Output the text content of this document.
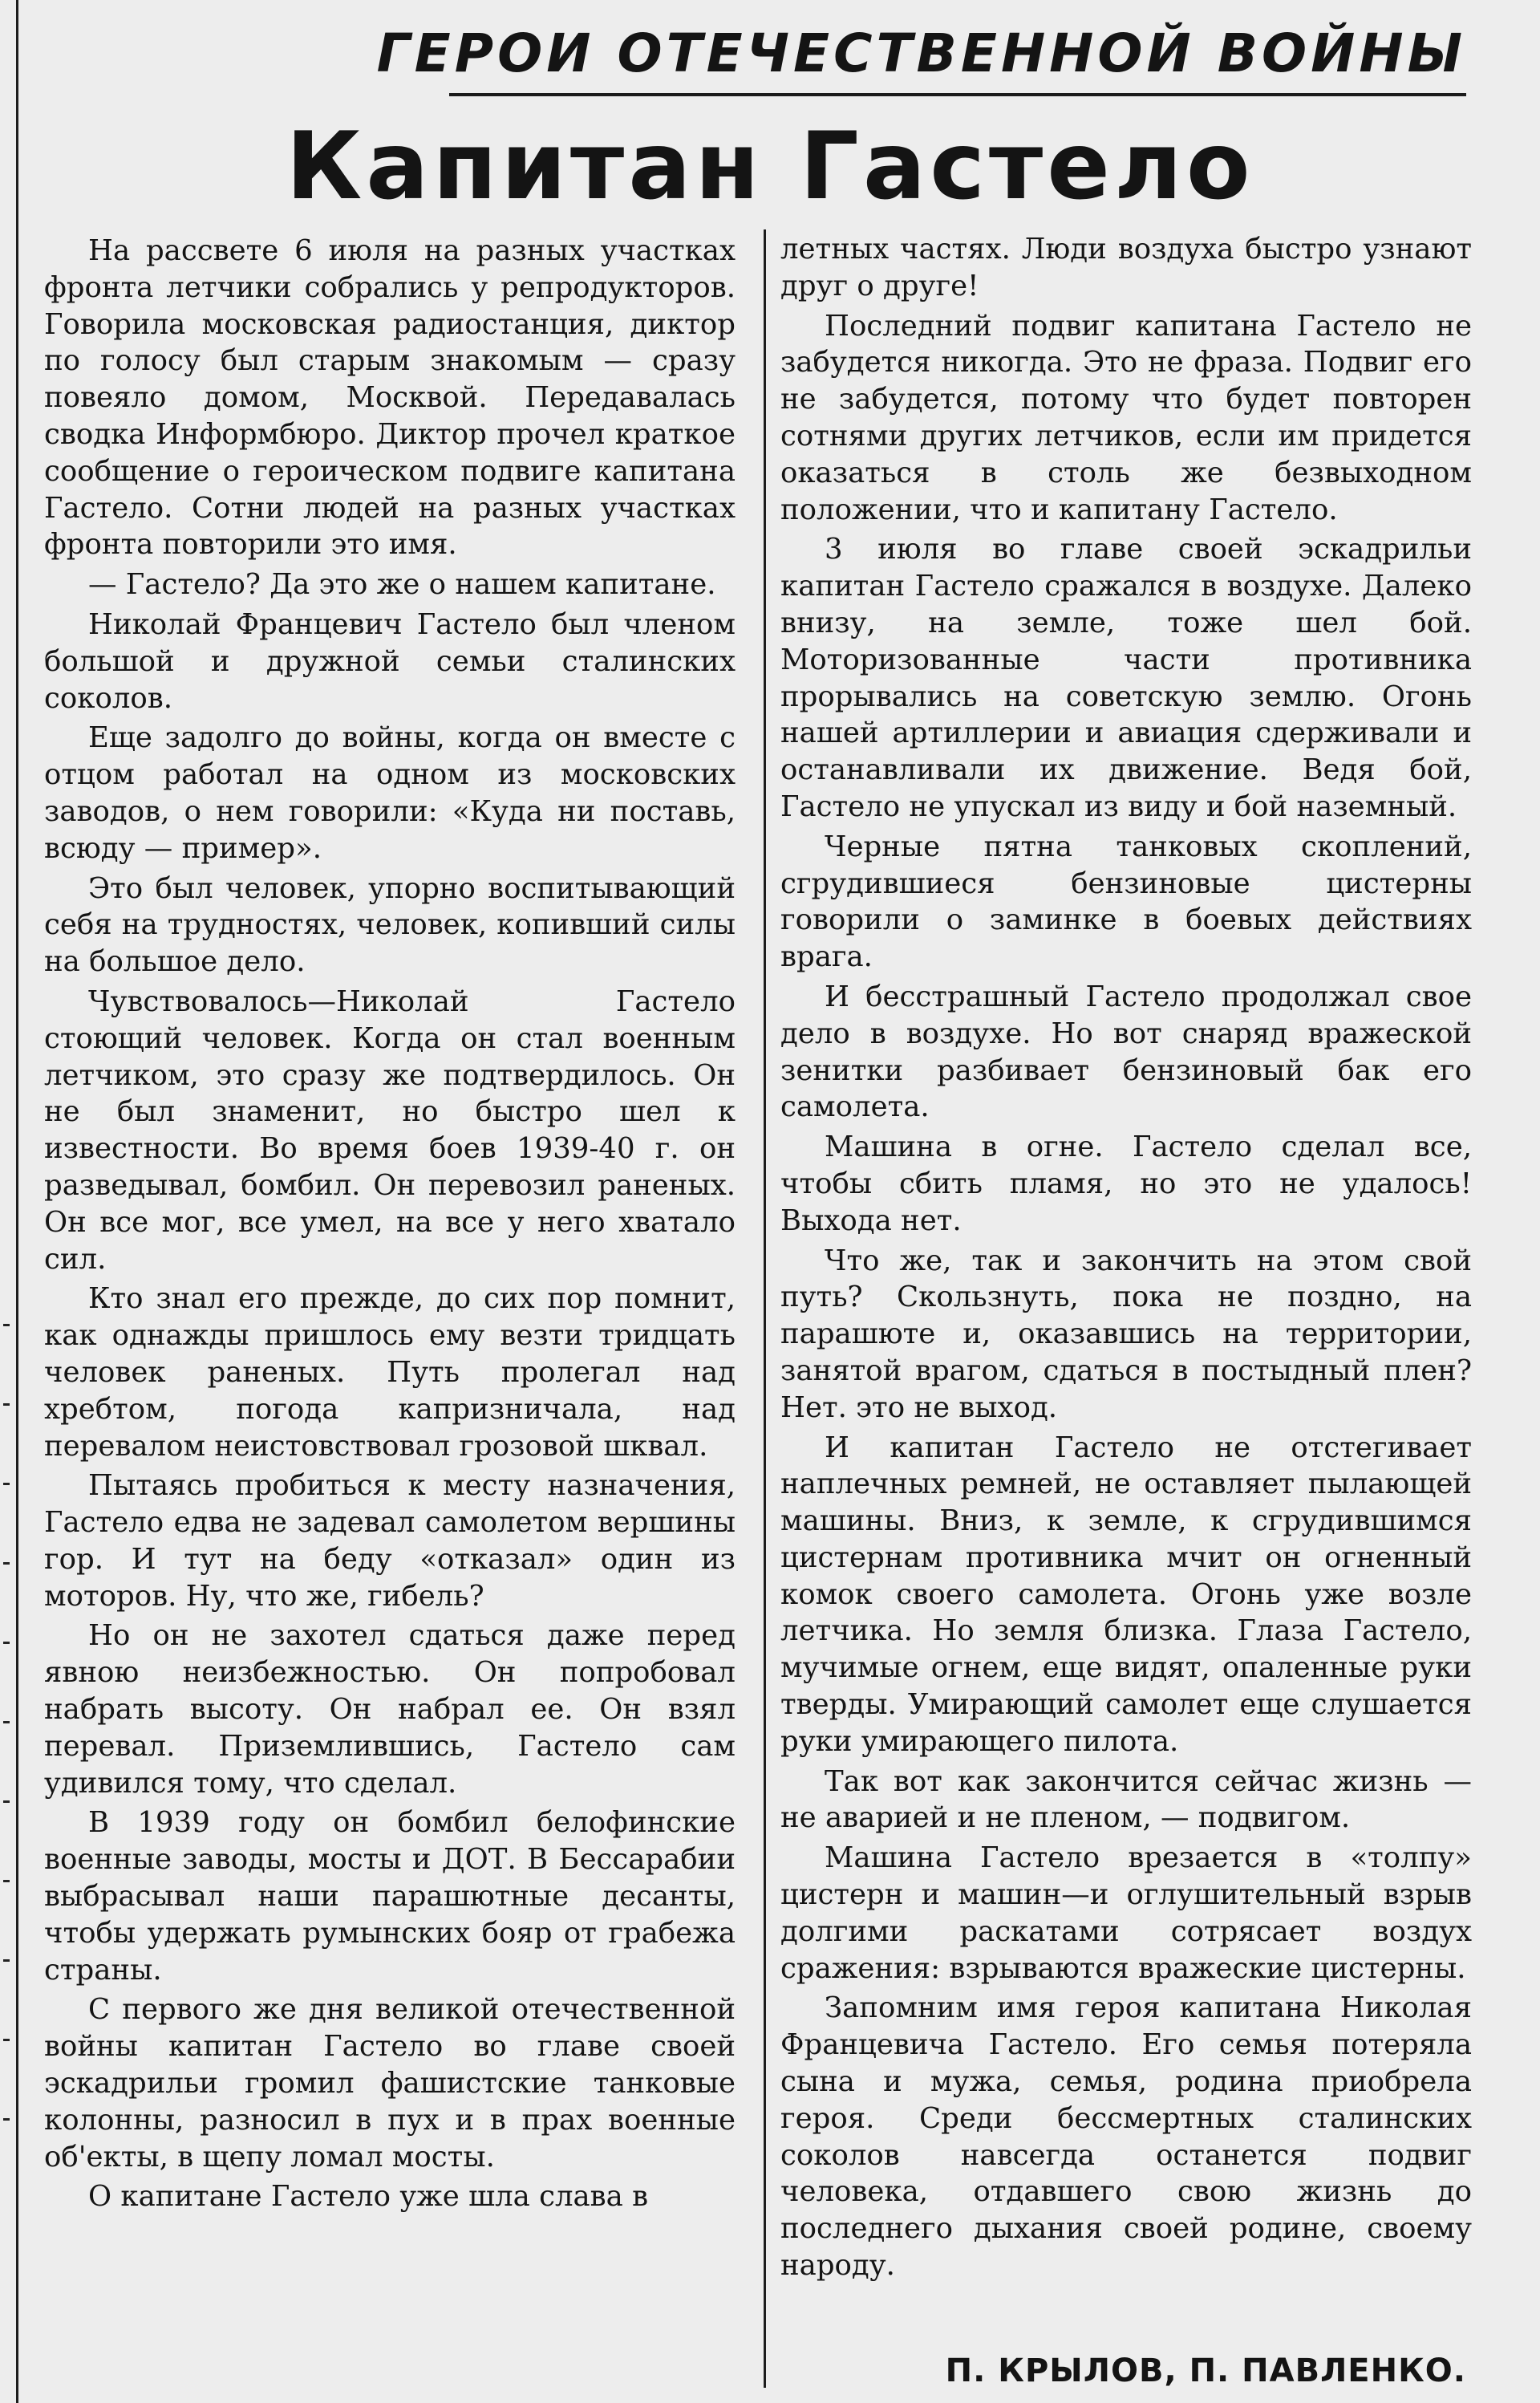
ГЕРОИ ОТЕЧЕСТВЕННОЙ ВОЙНЫ
Капитан Гастело

На рассвете 6 июля на разных участках фронта летчики собрались у репродукторов. Говорила московская радиостанция, диктор по голосу был старым знакомым — сразу повеяло домом, Москвой. Передавалась сводка Информбюро. Диктор прочел краткое сообщение о героическом подвиге капитана Гастело. Сотни людей на разных участках фронта повторили это имя.

— Гастело? Да это же о нашем капитане.

Николай Францевич Гастело был членом большой и дружной семьи сталинских соколов.

Еще задолго до войны, когда он вместе с отцом работал на одном из московских заводов, о нем говорили: «Куда ни поставь, всюду — пример».

Это был человек, упорно воспитывающий себя на трудностях, человек, копивший силы на большое дело.

Чувствовалось—Николай Гастело стоющий человек. Когда он стал военным летчиком, это сразу же подтвердилось. Он не был знаменит, но быстро шел к известности. Во время боев 1939-40 г. он разведывал, бомбил. Он перевозил раненых. Он все мог, все умел, на все у него хватало сил.

Кто знал его прежде, до сих пор помнит, как однажды пришлось ему везти тридцать человек раненых. Путь пролегал над хребтом, погода капризничала, над перевалом неистовствовал грозовой шквал.

Пытаясь пробиться к месту назначения, Гастело едва не задевал самолетом вершины гор. И тут на беду «отказал» один из моторов. Ну, что же, гибель?

Но он не захотел сдаться даже перед явною неизбежностью. Он попробовал набрать высоту. Он набрал ее. Он взял перевал. Приземлившись, Гастело сам удивился тому, что сделал.

В 1939 году он бомбил белофинские военные заводы, мосты и ДОТ. В Бессарабии выбрасывал наши парашютные десанты, чтобы удержать румынских бояр от грабежа страны.

С первого же дня великой отечественной войны капитан Гастело во главе своей эскадрильи громил фашистские танковые колонны, разносил в пух и в прах военные об'екты, в щепу ломал мосты.

О капитане Гастело уже шла слава в

летных частях. Люди воздуха быстро узнают друг о друге!

Последний подвиг капитана Гастело не забудется никогда. Это не фраза. Подвиг его не забудется, потому что будет повторен сотнями других летчиков, если им придется оказаться в столь же безвыходном положении, что и капитану Гастело.

3 июля во главе своей эскадрильи капитан Гастело сражался в воздухе. Далеко внизу, на земле, тоже шел бой. Моторизованные части противника прорывались на советскую землю. Огонь нашей артиллерии и авиация сдерживали и останавливали их движение. Ведя бой, Гастело не упускал из виду и бой наземный.

Черные пятна танковых скоплений, сгрудившиеся бензиновые цистерны говорили о заминке в боевых действиях врага.

И бесстрашный Гастело продолжал свое дело в воздухе. Но вот снаряд вражеской зенитки разбивает бензиновый бак его самолета.

Машина в огне. Гастело сделал все, чтобы сбить пламя, но это не удалось! Выхода нет.

Что же, так и закончить на этом свой путь? Скользнуть, пока не поздно, на парашюте и, оказавшись на территории, занятой врагом, сдаться в постыдный плен? Нет. это не выход.

И капитан Гастело не отстегивает наплечных ремней, не оставляет пылающей машины. Вниз, к земле, к сгрудившимся цистернам противника мчит он огненный комок своего самолета. Огонь уже возле летчика. Но земля близка. Глаза Гастело, мучимые огнем, еще видят, опаленные руки тверды. Умирающий самолет еще слушается руки умирающего пилота.

Так вот как закончится сейчас жизнь — не аварией и не пленом, — подвигом.

Машина Гастело врезается в «толпу» цистерн и машин—и оглушительный взрыв долгими раскатами сотрясает воздух сражения: взрываются вражеские цистерны.

Запомним имя героя капитана Николая Францевича Гастело. Его семья потеряла сына и мужа, семья, родина приобрела героя. Среди бессмертных сталинских соколов навсегда останется подвиг человека, отдавшего свою жизнь до последнего дыхания своей родине, своему народу.

П. КРЫЛОВ, П. ПАВЛЕНКО.
